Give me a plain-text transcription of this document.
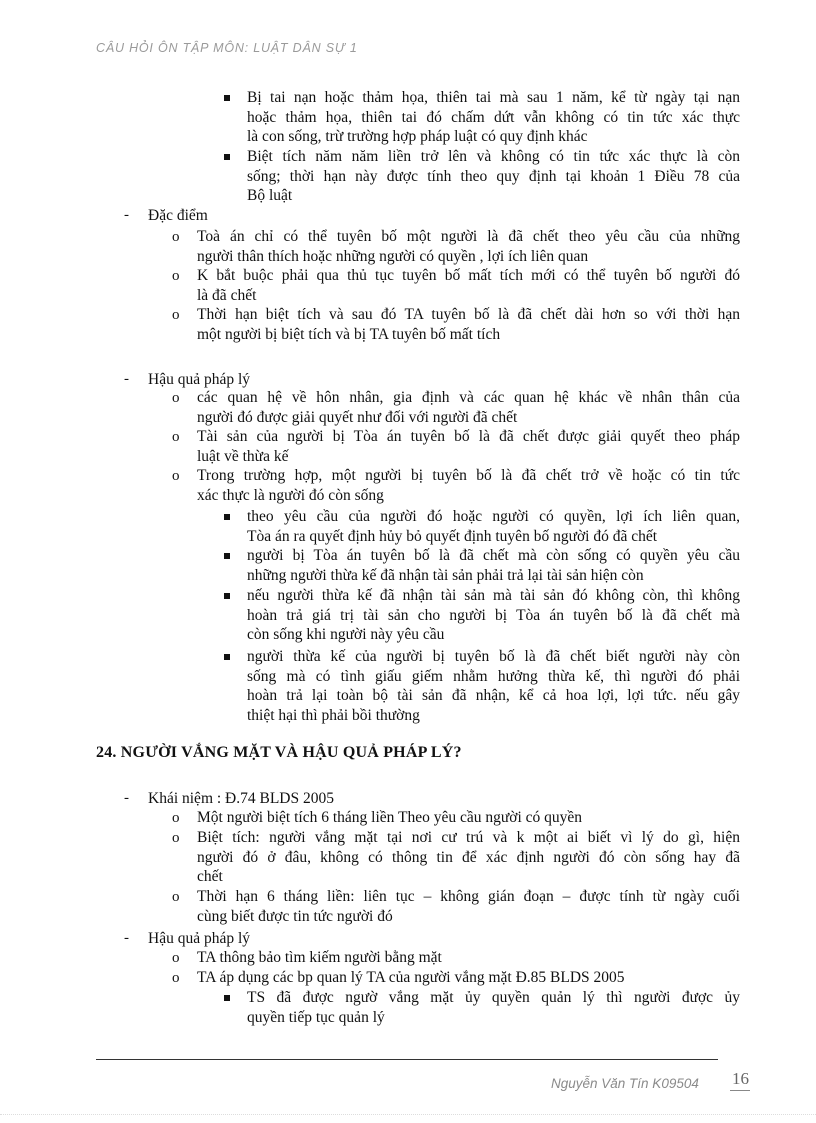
CÂU HỎI ÔN TẬP MÔN: LUẬT DÂN SỰ 1
Bị tai nạn hoặc thảm họa, thiên tai mà sau 1 năm, kể từ ngày tại nạn
hoặc thảm họa, thiên tai đó chấm dứt vẫn không có tin tức xác thực
là con sống, trừ trường hợp pháp luật có quy định khác
Biệt tích năm năm liền trở lên và không có tin tức xác thực là còn
sống; thời hạn này được tính theo quy định tại khoản 1 Điều 78 của
Bộ luật
- Đặc điểm
o Toà án chỉ có thể tuyên bố một người là đã chết theo yêu cầu của những
người thân thích hoặc những người có quyền , lợi ích liên quan
o K bắt buộc phải qua thủ tục tuyên bố mất tích mới có thể tuyên bố người đó
là đã chết
o Thời hạn biệt tích và sau đó TA tuyên bố là đã chết dài hơn so với thời hạn
một người bị biệt tích và bị TA tuyên bố mất tích
- Hậu quả pháp lý
o các quan hệ về hôn nhân, gia định và các quan hệ khác về nhân thân của
người đó được giải quyết như đối với người đã chết
o Tài sản của người bị Tòa án tuyên bố là đã chết được giải quyết theo pháp
luật về thừa kế
o Trong trường hợp, một người bị tuyên bố là đã chết trở về hoặc có tin tức
xác thực là người đó còn sống
theo yêu cầu của người đó hoặc người có quyền, lợi ích liên quan,
Tòa án ra quyết định hủy bỏ quyết định tuyên bố người đó đã chết
người bị Tòa án tuyên bố là đã chết mà còn sống có quyền yêu cầu
những người thừa kế đã nhận tài sản phải trả lại tài sản hiện còn
nếu người thừa kế đã nhận tài sản mà tài sản đó không còn, thì không
hoàn trả giá trị tài sản cho người bị Tòa án tuyên bố là đã chết mà
còn sống khi người này yêu cầu
người thừa kế của người bị tuyên bố là đã chết biết người này còn
sống mà có tình giấu giếm nhằm hưởng thừa kế, thì người đó phải
hoàn trả lại toàn bộ tài sản đã nhận, kể cả hoa lợi, lợi tức. nếu gây
thiệt hại thì phải bồi thường
- Khái niệm : Đ.74 BLDS 2005
o Một người biệt tích 6 tháng liền Theo yêu cầu người có quyền
o Biệt tích: người vắng mặt tại nơi cư trú và k một ai biết vì lý do gì, hiện
người đó ở đâu, không có thông tin để xác định người đó còn sống hay đã
chết
o Thời hạn 6 tháng liền: liên tục – không gián đoạn – được tính từ ngày cuối
cùng biết được tin tức người đó
- Hậu quả pháp lý
o TA thông bảo tìm kiếm người bằng mặt
o TA áp dụng các bp quan lý TA của người vắng mặt Đ.85 BLDS 2005
TS đã được ngườ vắng mặt ủy quyền quản lý thì người được ủy
quyền tiếp tục quản lý
24. NGƯỜI VẮNG MẶT VÀ HẬU QUẢ PHÁP LÝ?
Nguyễn Văn Tín K09504 16
